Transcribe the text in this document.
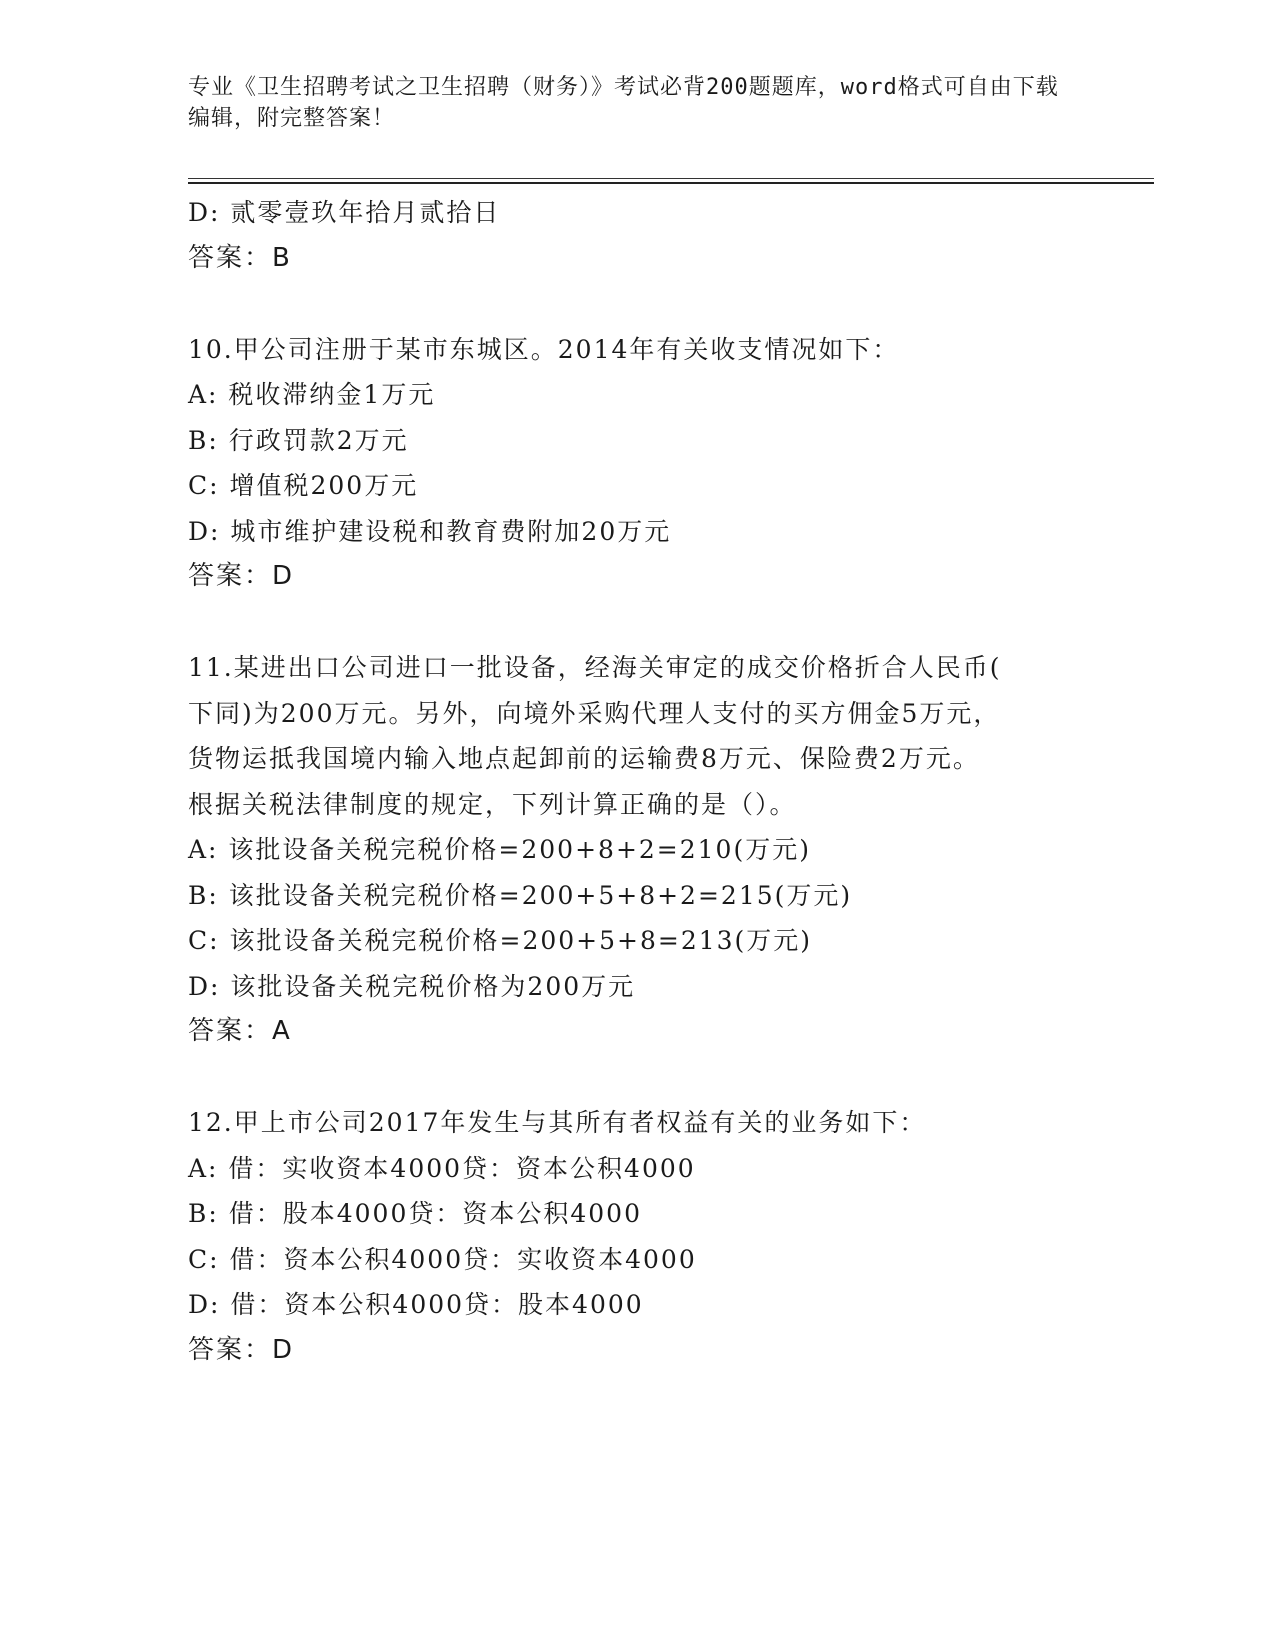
专业《卫生招聘考试之卫生招聘（财务）》考试必背200题题库，word格式可自由下载编辑，附完整答案！
D: 贰零壹玖年拾月贰拾日
答案：B
10.甲公司注册于某市东城区。2014年有关收支情况如下：
A: 税收滞纳金1万元
B: 行政罚款2万元
C: 增值税200万元
D: 城市维护建设税和教育费附加20万元
答案：D
11.某进出口公司进口一批设备，经海关审定的成交价格折合人民币(
下同)为200万元。另外，向境外采购代理人支付的买方佣金5万元，
货物运抵我国境内输入地点起卸前的运输费8万元、保险费2万元。
根据关税法律制度的规定，下列计算正确的是（）。
A: 该批设备关税完税价格=200+8+2=210(万元)
B: 该批设备关税完税价格=200+5+8+2=215(万元)
C: 该批设备关税完税价格=200+5+8=213(万元)
D: 该批设备关税完税价格为200万元
答案：A
12.甲上市公司2017年发生与其所有者权益有关的业务如下：
A: 借：实收资本4000贷：资本公积4000
B: 借：股本4000贷：资本公积4000
C: 借：资本公积4000贷：实收资本4000
D: 借：资本公积4000贷：股本4000
答案：D
